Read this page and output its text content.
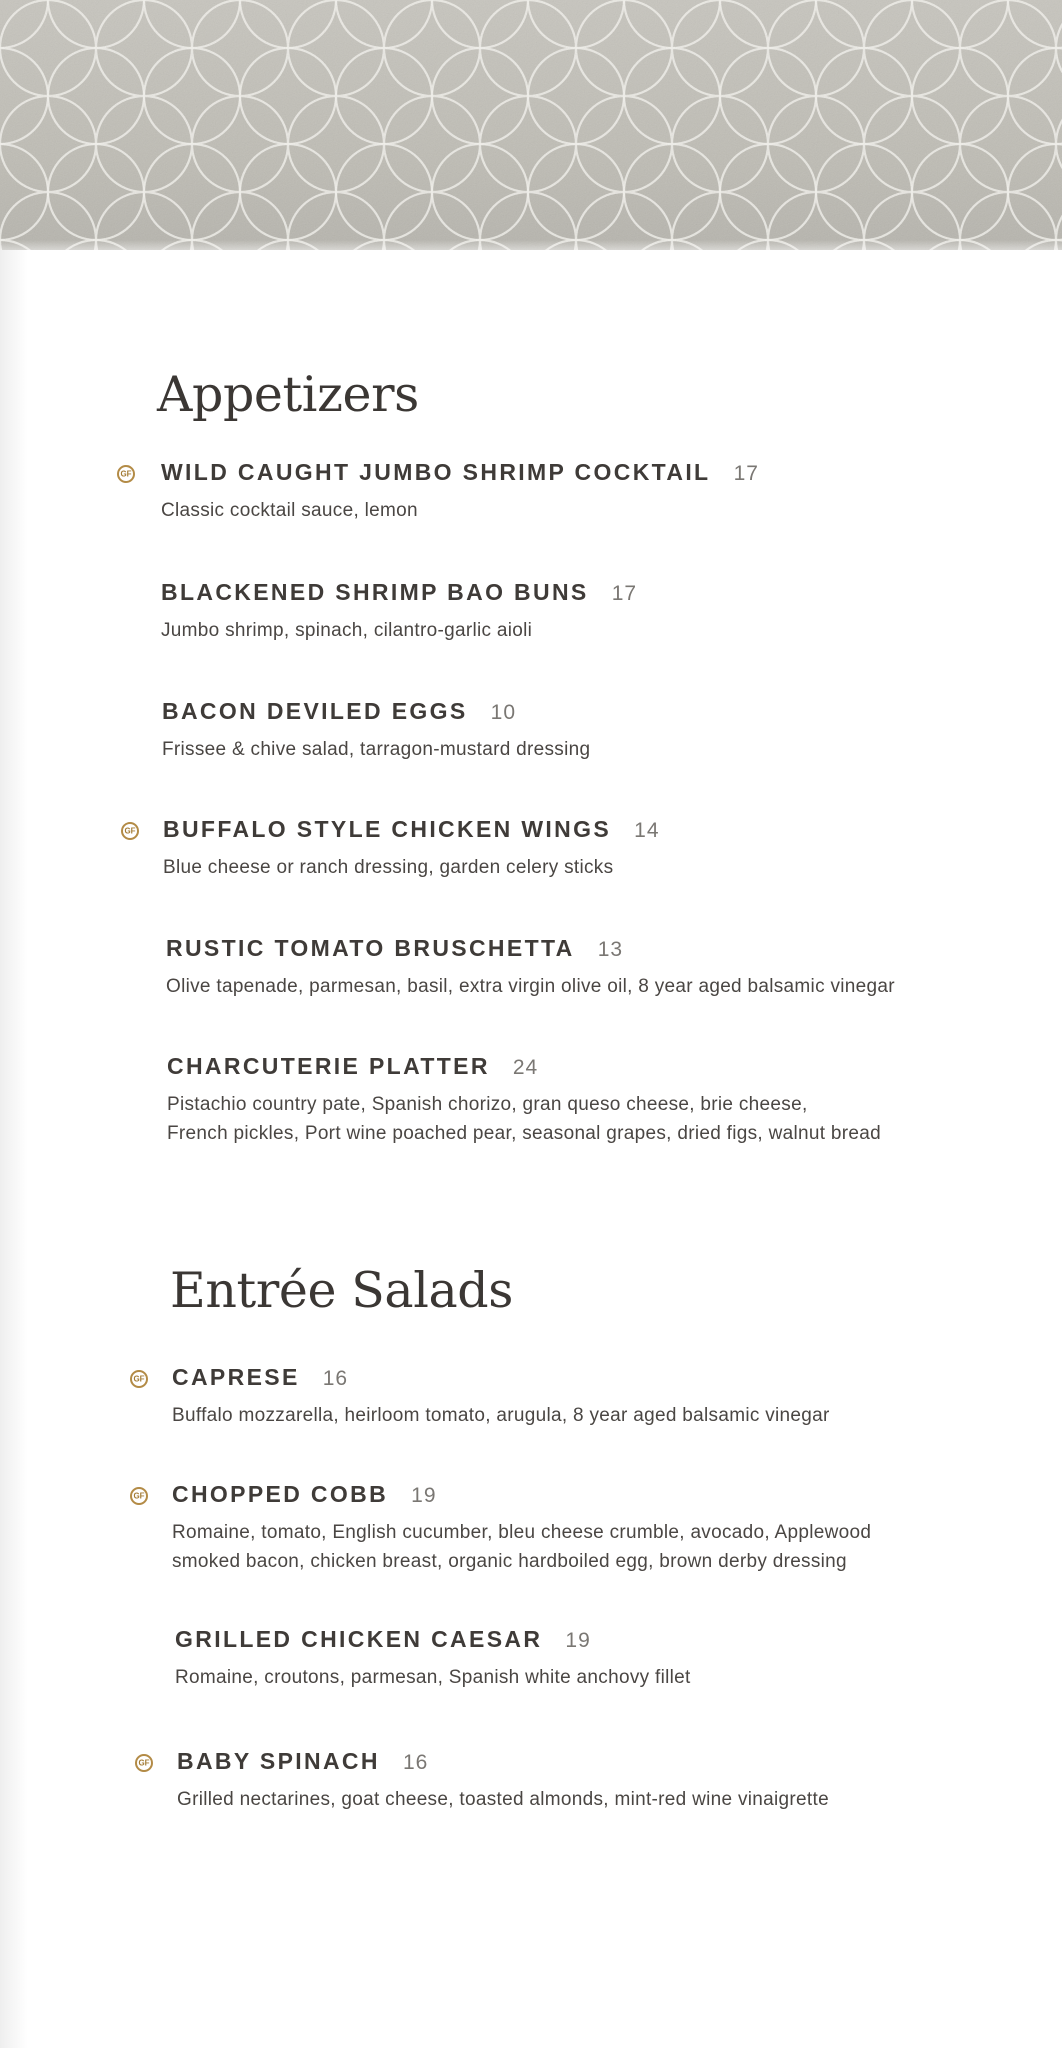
Appetizers
GF WILD CAUGHT JUMBO SHRIMP COCKTAIL 17
Classic cocktail sauce, lemon
BLACKENED SHRIMP BAO BUNS 17
Jumbo shrimp, spinach, cilantro-garlic aioli
BACON DEVILED EGGS 10
Frissee & chive salad, tarragon-mustard dressing
GF BUFFALO STYLE CHICKEN WINGS 14
Blue cheese or ranch dressing, garden celery sticks
RUSTIC TOMATO BRUSCHETTA 13
Olive tapenade, parmesan, basil, extra virgin olive oil, 8 year aged balsamic vinegar
CHARCUTERIE PLATTER 24
Pistachio country pate, Spanish chorizo, gran queso cheese, brie cheese,
French pickles, Port wine poached pear, seasonal grapes, dried figs, walnut bread
Entrée Salads
GF CAPRESE 16
Buffalo mozzarella, heirloom tomato, arugula, 8 year aged balsamic vinegar
GF CHOPPED COBB 19
Romaine, tomato, English cucumber, bleu cheese crumble, avocado, Applewood
smoked bacon, chicken breast, organic hardboiled egg, brown derby dressing
GRILLED CHICKEN CAESAR 19
Romaine, croutons, parmesan, Spanish white anchovy fillet
GF BABY SPINACH 16
Grilled nectarines, goat cheese, toasted almonds, mint-red wine vinaigrette
